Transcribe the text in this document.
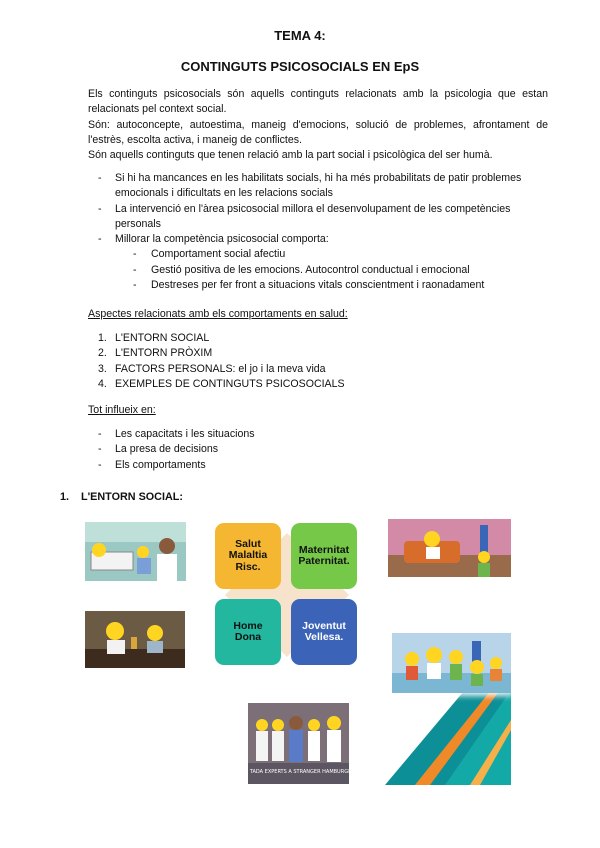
TEMA 4:
CONTINGUTS PSICOSOCIALS EN EpS

Els continguts psicosocials són aquells continguts relacionats amb la psicologia que estan relacionats pel context social.

Són: autoconcepte, autoestima, maneig d'emocions, solució de problemes, afrontament de l'estrès, escolta activa, i maneig de conflictes.

Són aquells continguts que tenen relació amb la part social i psicològica del ser humà.

- Si hi ha mancances en les habilitats socials, hi ha més probabilitats de patir problemes emocionals i dificultats en les relacions socials
- La intervenció en l'àrea psicosocial millora el desenvolupament de les competències personals
- Millorar la competència psicosocial comporta:
- Comportament social afectiu
- Gestió positiva de les emocions. Autocontrol conductual i emocional
- Destreses per fer front a situacions vitals conscientment i raonadament
Aspectes relacionats amb els comportaments en salud:
1. L'ENTORN SOCIAL
2. L'ENTORN PRÒXIM
3. FACTORS PERSONALS: el jo i la meva vida
4. EXEMPLES DE CONTINGUTS PSICOSOCIALS
Tot influeix en:
- Les capacitats i les situacions
- La presa de decisions
- Els comportaments
1. L'ENTORN SOCIAL:
HE TADA EXPERTS A STRANGER HAMBURGER
Salut
Malaltia
Risc.
Maternitat
Paternitat.
Home
Dona
Joventut
Vellesa.
